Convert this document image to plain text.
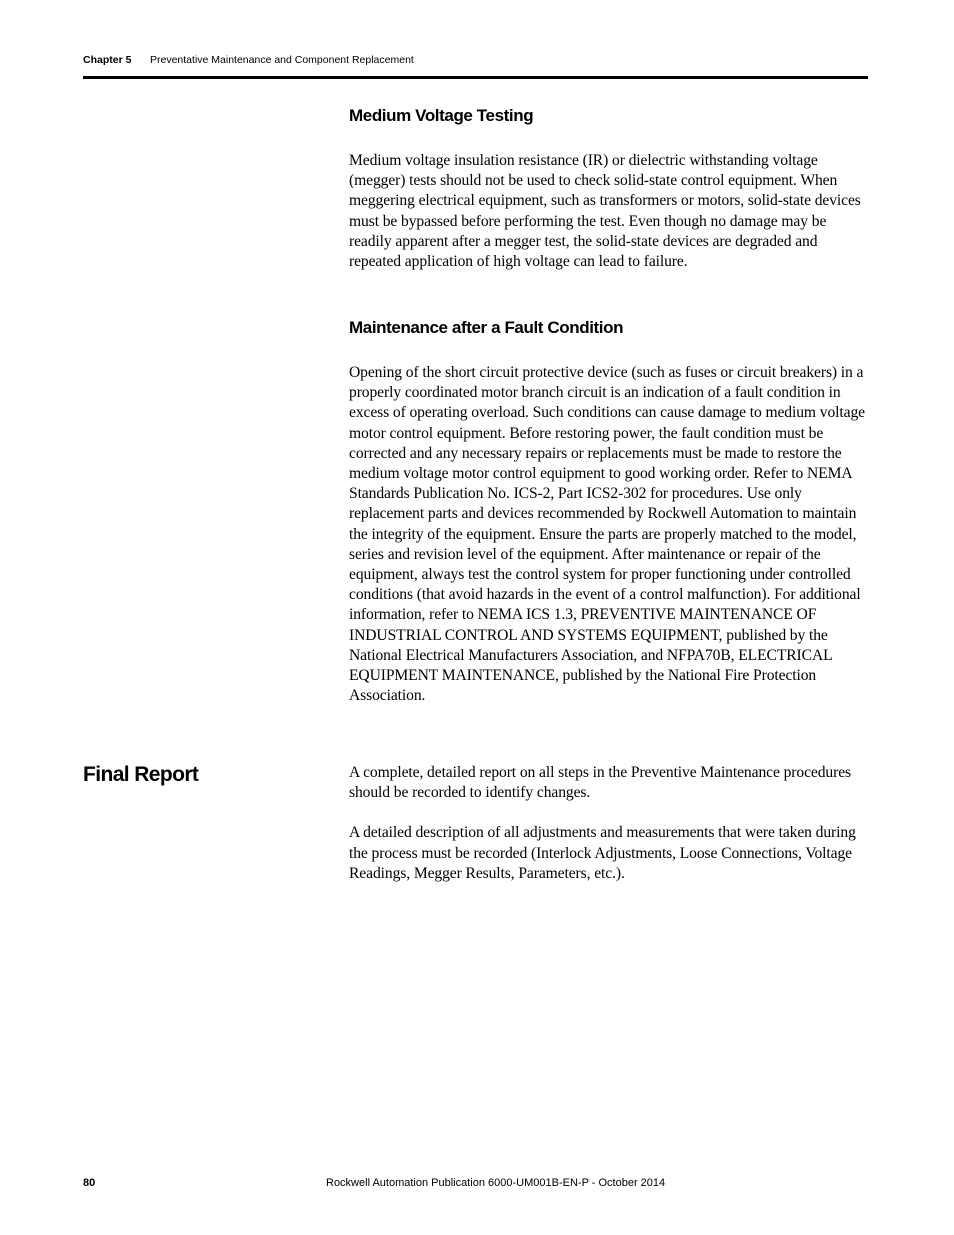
Chapter 5 Preventative Maintenance and Component Replacement
Medium Voltage Testing

Medium voltage insulation resistance (IR) or dielectric withstanding voltage (megger) tests should not be used to check solid-state control equipment. When meggering electrical equipment, such as transformers or motors, solid-state devices must be bypassed before performing the test. Even though no damage may be readily apparent after a megger test, the solid-state devices are degraded and repeated application of high voltage can lead to failure.

Maintenance after a Fault Condition

Opening of the short circuit protective device (such as fuses or circuit breakers) in a properly coordinated motor branch circuit is an indication of a fault condition in excess of operating overload. Such conditions can cause damage to medium voltage motor control equipment. Before restoring power, the fault condition must be corrected and any necessary repairs or replacements must be made to restore the medium voltage motor control equipment to good working order. Refer to NEMA Standards Publication No. ICS-2, Part ICS2-302 for procedures. Use only replacement parts and devices recommended by Rockwell Automation to maintain the integrity of the equipment. Ensure the parts are properly matched to the model, series and revision level of the equipment. After maintenance or repair of the equipment, always test the control system for proper functioning under controlled conditions (that avoid hazards in the event of a control malfunction). For additional information, refer to NEMA ICS 1.3, PREVENTIVE MAINTENANCE OF INDUSTRIAL CONTROL AND SYSTEMS EQUIPMENT, published by the National Electrical Manufacturers Association, and NFPA70B, ELECTRICAL EQUIPMENT MAINTENANCE, published by the National Fire Protection Association.

Final Report	A complete, detailed report on all steps in the Preventive Maintenance procedures should be recorded to identify changes.

A detailed description of all adjustments and measurements that were taken during the process must be recorded (Interlock Adjustments, Loose Connections, Voltage Readings, Megger Results, Parameters, etc.).

80	Rockwell Automation Publication 6000-UM001B-EN-P - October 2014
